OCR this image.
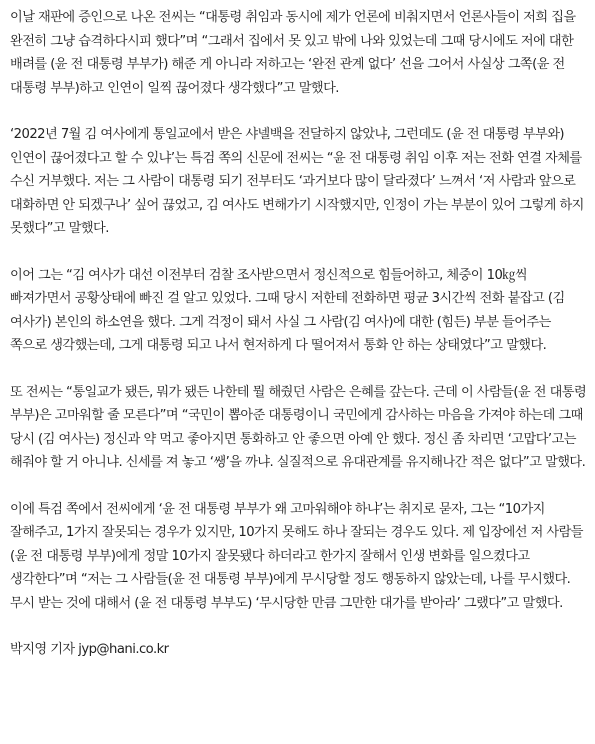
이날 재판에 증인으로 나온 전씨는 “대통령 취임과 동시에 제가 언론에 비춰지면서 언론사들이 저희 집을 완전히 그냥 습격하다시피 했다”며 “그래서 집에서 못 있고 밖에 나와 있었는데 그때 당시에도 저에 대한 배려를 (윤 전 대통령 부부가) 해준 게 아니라 저하고는 ‘완전 관계 없다’ 선을 그어서 사실상 그쪽(윤 전 대통령 부부)하고 인연이 일찍 끊어졌다 생각했다”고 말했다.

‘2022년 7월 김 여사에게 통일교에서 받은 샤넬백을 전달하지 않았냐, 그런데도 (윤 전 대통령 부부와) 인연이 끊어졌다고 할 수 있냐’는 특검 쪽의 신문에 전씨는 “윤 전 대통령 취임 이후 저는 전화 연결 자체를 수신 거부했다. 저는 그 사람이 대통령 되기 전부터도 ‘과거보다 많이 달라졌다’ 느껴서 ‘저 사람과 앞으로 대화하면 안 되겠구나’ 싶어 끊었고, 김 여사도 변해가기 시작했지만, 인정이 가는 부분이 있어 그렇게 하지 못했다”고 말했다.

이어 그는 “김 여사가 대선 이전부터 검찰 조사받으면서 정신적으로 힘들어하고, 체중이 10㎏씩 빠져가면서 공황상태에 빠진 걸 알고 있었다. 그때 당시 저한테 전화하면 평균 3시간씩 전화 붙잡고 (김 여사가) 본인의 하소연을 했다. 그게 걱정이 돼서 사실 그 사람(김 여사)에 대한 (힘든) 부분 들어주는 쪽으로 생각했는데, 그게 대통령 되고 나서 현저하게 다 떨어져서 통화 안 하는 상태였다”고 말했다.

또 전씨는 “통일교가 됐든, 뭐가 됐든 나한테 뭘 해줬던 사람은 은혜를 갚는다. 근데 이 사람들(윤 전 대통령 부부)은 고마워할 줄 모른다”며 “국민이 뽑아준 대통령이니 국민에게 감사하는 마음을 가져야 하는데 그때 당시 (김 여사는) 정신과 약 먹고 좋아지면 통화하고 안 좋으면 아예 안 했다. 정신 좀 차리면 ‘고맙다’고는 해줘야 할 거 아니냐. 신세를 져 놓고 ‘쌩’을 까냐. 실질적으로 유대관계를 유지해나간 적은 없다”고 말했다.

이에 특검 쪽에서 전씨에게 ‘윤 전 대통령 부부가 왜 고마워해야 하냐’는 취지로 묻자, 그는 “10가지 잘해주고, 1가지 잘못되는 경우가 있지만, 10가지 못해도 하나 잘되는 경우도 있다. 제 입장에선 저 사람들(윤 전 대통령 부부)에게 정말 10가지 잘못됐다 하더라고 한가지 잘해서 인생 변화를 일으켰다고 생각한다”며 “저는 그 사람들(윤 전 대통령 부부)에게 무시당할 정도 행동하지 않았는데, 나를 무시했다. 무시 받는 것에 대해서 (윤 전 대통령 부부도) ‘무시당한 만큼 그만한 대가를 받아라’ 그랬다”고 말했다.

박지영 기자 jyp@hani.co.kr
